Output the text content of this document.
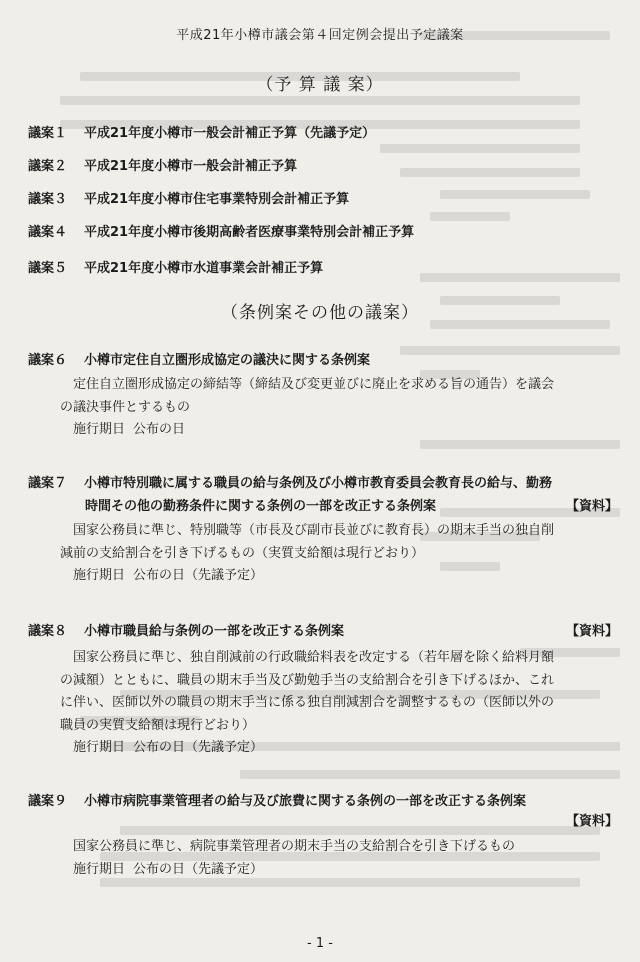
平成21年小樽市議会第４回定例会提出予定議案
（予 算 議 案）
議案１ 平成21年度小樽市一般会計補正予算（先議予定）
議案２ 平成21年度小樽市一般会計補正予算
議案３ 平成21年度小樽市住宅事業特別会計補正予算
議案４ 平成21年度小樽市後期高齢者医療事業特別会計補正予算
議案５ 平成21年度小樽市水道事業会計補正予算
（条例案その他の議案）
議案６ 小樽市定住自立圏形成協定の議決に関する条例案
定住自立圏形成協定の締結等（締結及び変更並びに廃止を求める旨の通告）を議会
の議決事件とするもの
施行期日 公布の日
議案７ 小樽市特別職に属する職員の給与条例及び小樽市教育委員会教育長の給与、勤務
時間その他の勤務条件に関する条例の一部を改正する条例案	【資料】
国家公務員に準じ、特別職等（市長及び副市長並びに教育長）の期末手当の独自削
減前の支給割合を引き下げるもの（実質支給額は現行どおり）
施行期日 公布の日（先議予定）
議案８ 小樽市職員給与条例の一部を改正する条例案	【資料】
国家公務員に準じ、独自削減前の行政職給料表を改定する（若年層を除く給料月額
の減額）とともに、職員の期末手当及び勤勉手当の支給割合を引き下げるほか、これ
に伴い、医師以外の職員の期末手当に係る独自削減割合を調整するもの（医師以外の
職員の実質支給額は現行どおり）
施行期日 公布の日（先議予定）
議案９ 小樽市病院事業管理者の給与及び旅費に関する条例の一部を改正する条例案
【資料】
国家公務員に準じ、病院事業管理者の期末手当の支給割合を引き下げるもの
施行期日 公布の日（先議予定）
- 1 -
